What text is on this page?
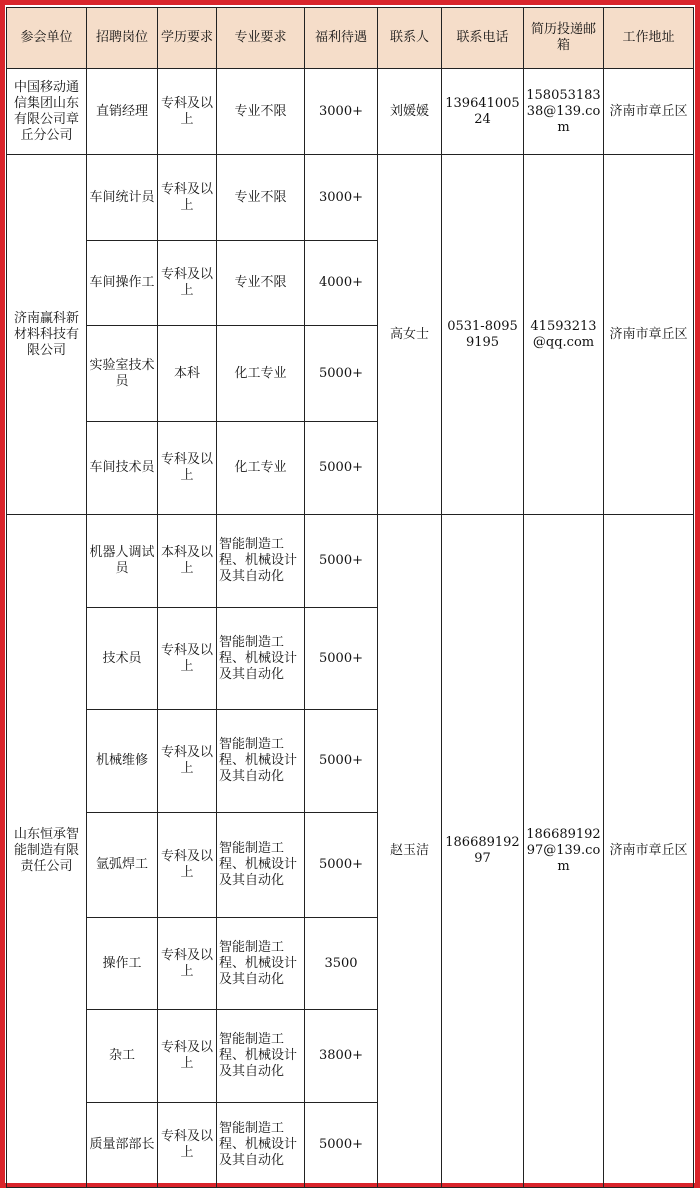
参会单位	招聘岗位	学历要求	专业要求	福利待遇	联系人	联系电话	简历投递邮箱	工作地址
中国移动通信集团山东有限公司章丘分公司	直销经理	专科及以上	专业不限	3000+	刘媛媛	13964100524	15805318338@139.com	济南市章丘区
济南赢科新材料科技有限公司	车间统计员	专科及以上	专业不限	3000+	高女士	0531-80959195	41593213@qq.com	济南市章丘区
	车间操作工	专科及以上	专业不限	4000+				
	实验室技术员	本科	化工专业	5000+				
	车间技术员	专科及以上	化工专业	5000+				
山东恒承智能制造有限责任公司	机器人调试员	本科及以上	智能制造工程、机械设计及其自动化	5000+	赵玉洁	18668919297	18668919297@139.com	济南市章丘区
	技术员	专科及以上	智能制造工程、机械设计及其自动化	5000+				
	机械维修	专科及以上	智能制造工程、机械设计及其自动化	5000+				
	氩弧焊工	专科及以上	智能制造工程、机械设计及其自动化	5000+				
	操作工	专科及以上	智能制造工程、机械设计及其自动化	3500				
	杂工	专科及以上	智能制造工程、机械设计及其自动化	3800+				
	质量部部长	专科及以上	智能制造工程、机械设计及其自动化	5000+				
